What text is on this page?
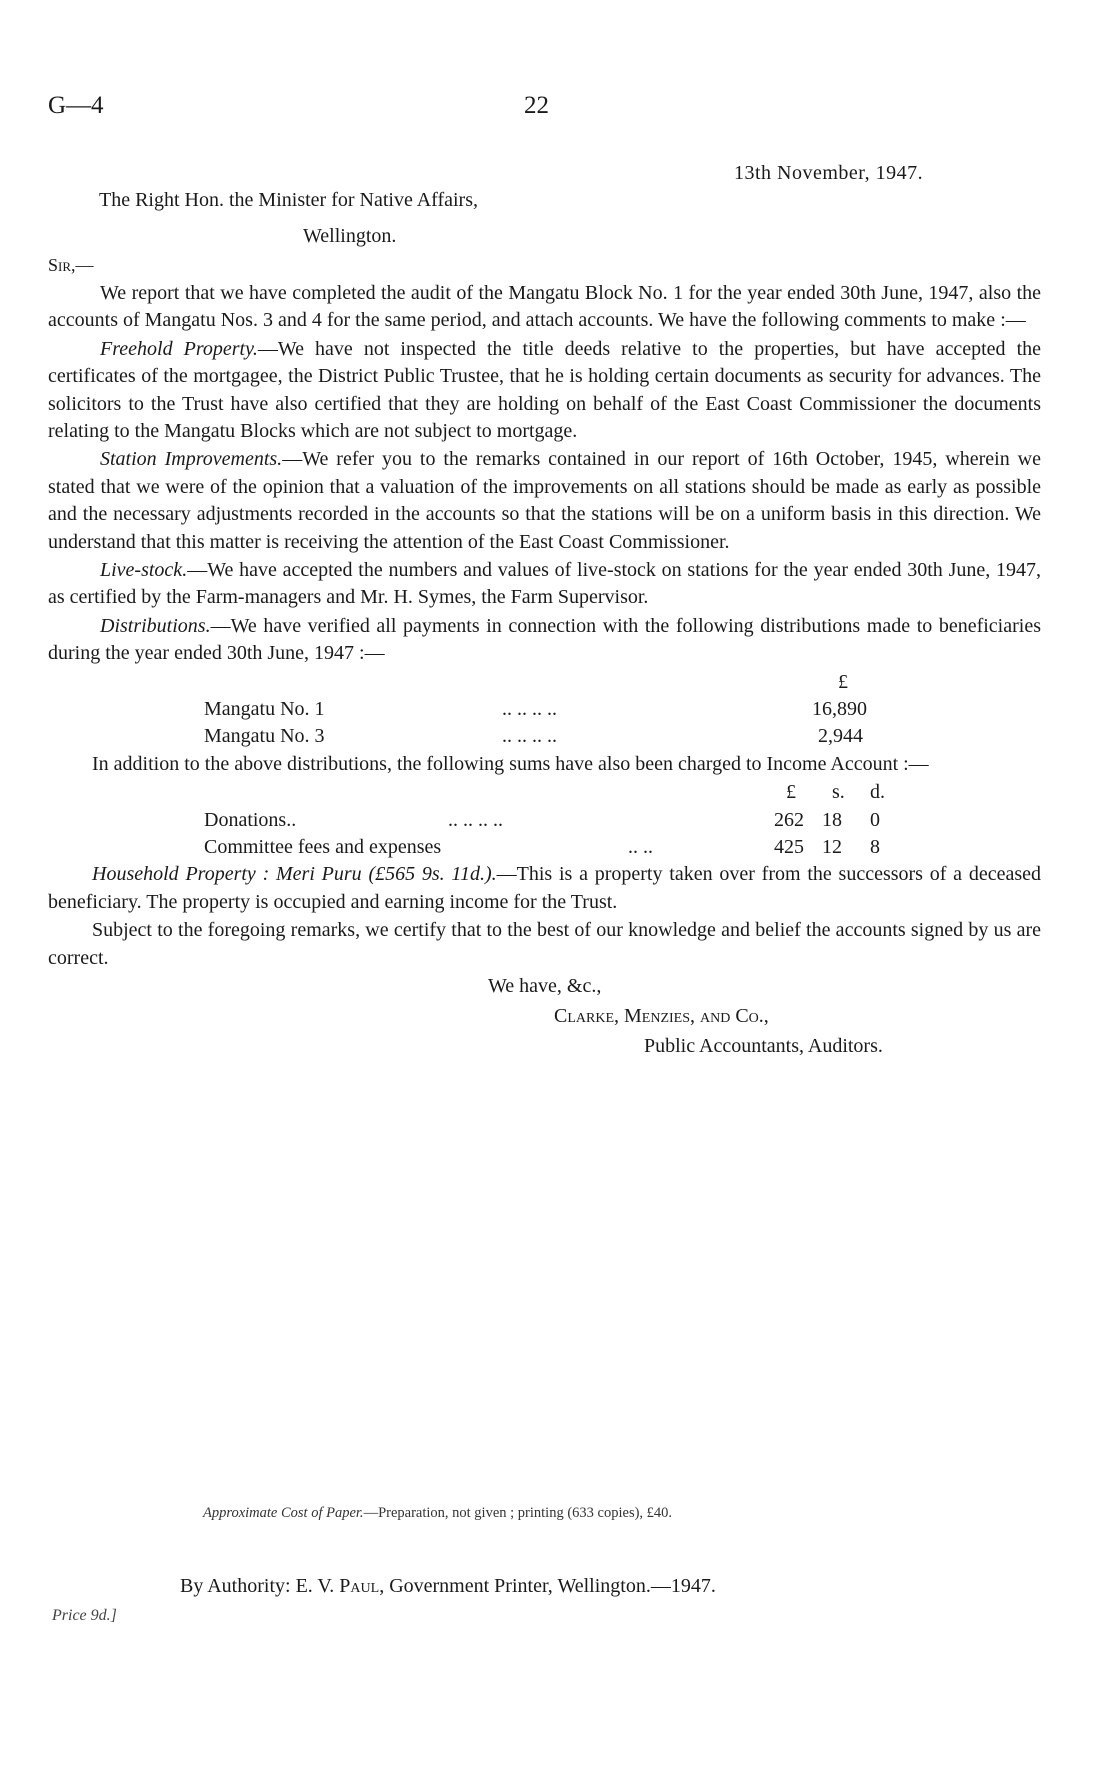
G—4	22
13th November, 1947.
The Right Hon. the Minister for Native Affairs,
Wellington.
Sir,—

We report that we have completed the audit of the Mangatu Block No. 1 for the year ended 30th June, 1947, also the accounts of Mangatu Nos. 3 and 4 for the same period, and attach accounts. We have the following comments to make :—

Freehold Property.—We have not inspected the title deeds relative to the properties, but have accepted the certificates of the mortgagee, the District Public Trustee, that he is holding certain documents as security for advances. The solicitors to the Trust have also certified that they are holding on behalf of the East Coast Commissioner the documents relating to the Mangatu Blocks which are not subject to mortgage.

Station Improvements.—We refer you to the remarks contained in our report of 16th October, 1945, wherein we stated that we were of the opinion that a valuation of the improvements on all stations should be made as early as possible and the necessary adjustments recorded in the accounts so that the stations will be on a uniform basis in this direction. We understand that this matter is receiving the attention of the East Coast Commissioner.

Live-stock.—We have accepted the numbers and values of live-stock on stations for the year ended 30th June, 1947, as certified by the Farm-managers and Mr. H. Symes, the Farm Supervisor.

Distributions.—We have verified all payments in connection with the following distributions made to beneficiaries during the year ended 30th June, 1947 :—

£
Mangatu No. 1	.. .. .. ..	16,890
Mangatu No. 3	.. .. .. ..	2,944

In addition to the above distributions, the following sums have also been charged to Income Account :—

£ s. d.
Donations..	.. .. .. ..	262 18 0
Committee fees and expenses	.. ..	425 12 8

Household Property : Meri Puru (£565 9s. 11d.).—This is a property taken over from the successors of a deceased beneficiary. The property is occupied and earning income for the Trust.

Subject to the foregoing remarks, we certify that to the best of our knowledge and belief the accounts signed by us are correct.

We have, &c.,
Clarke, Menzies, and Co.,
Public Accountants, Auditors.
Approximate Cost of Paper.—Preparation, not given ; printing (633 copies), £40.
By Authority: E. V. Paul, Government Printer, Wellington.—1947.
Price 9d.]
